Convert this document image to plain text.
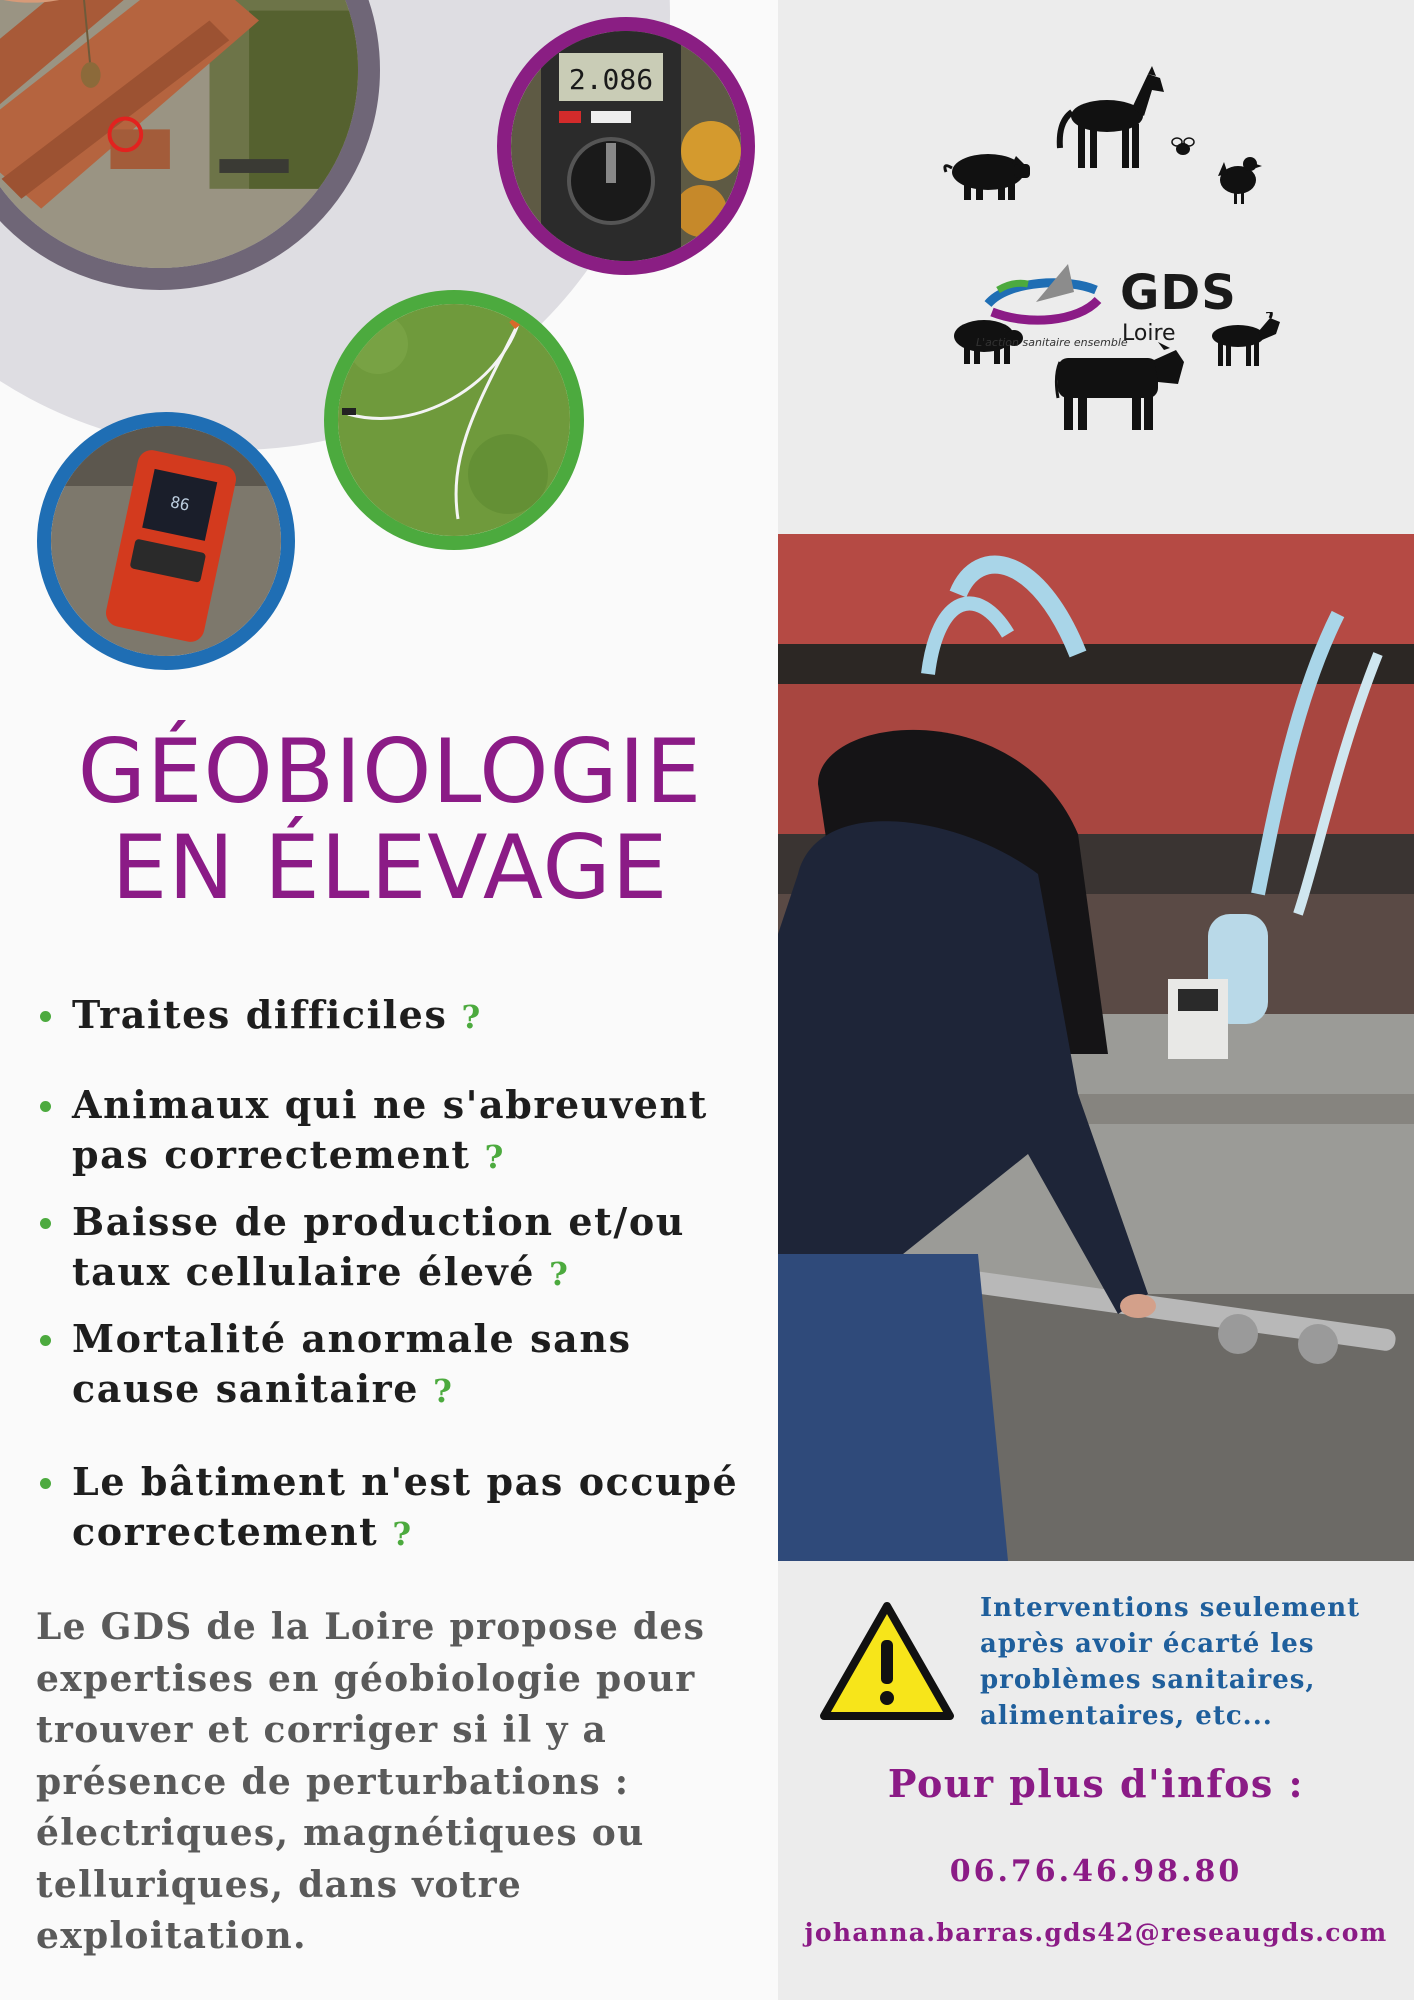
2.086
86
GÉOBIOLOGIE
EN ÉLEVAGE
Traites difficiles ?
Animaux qui ne s'abreuvent
pas correctement ?
Baisse de production et/ou
taux cellulaire élevé ?
Mortalité anormale sans
cause sanitaire ?
Le bâtiment n'est pas occupé
correctement ?

Le GDS de la Loire propose des
expertises en géobiologie pour
trouver et corriger si il y a
présence de perturbations :
électriques, magnétiques ou
telluriques, dans votre
exploitation.

GDS
Loire
L'action sanitaire ensemble

Interventions seulement
après avoir écarté les
problèmes sanitaires,
alimentaires, etc...

Pour plus d'infos :

06.76.46.98.80
johanna.barras.gds42@reseaugds.com
